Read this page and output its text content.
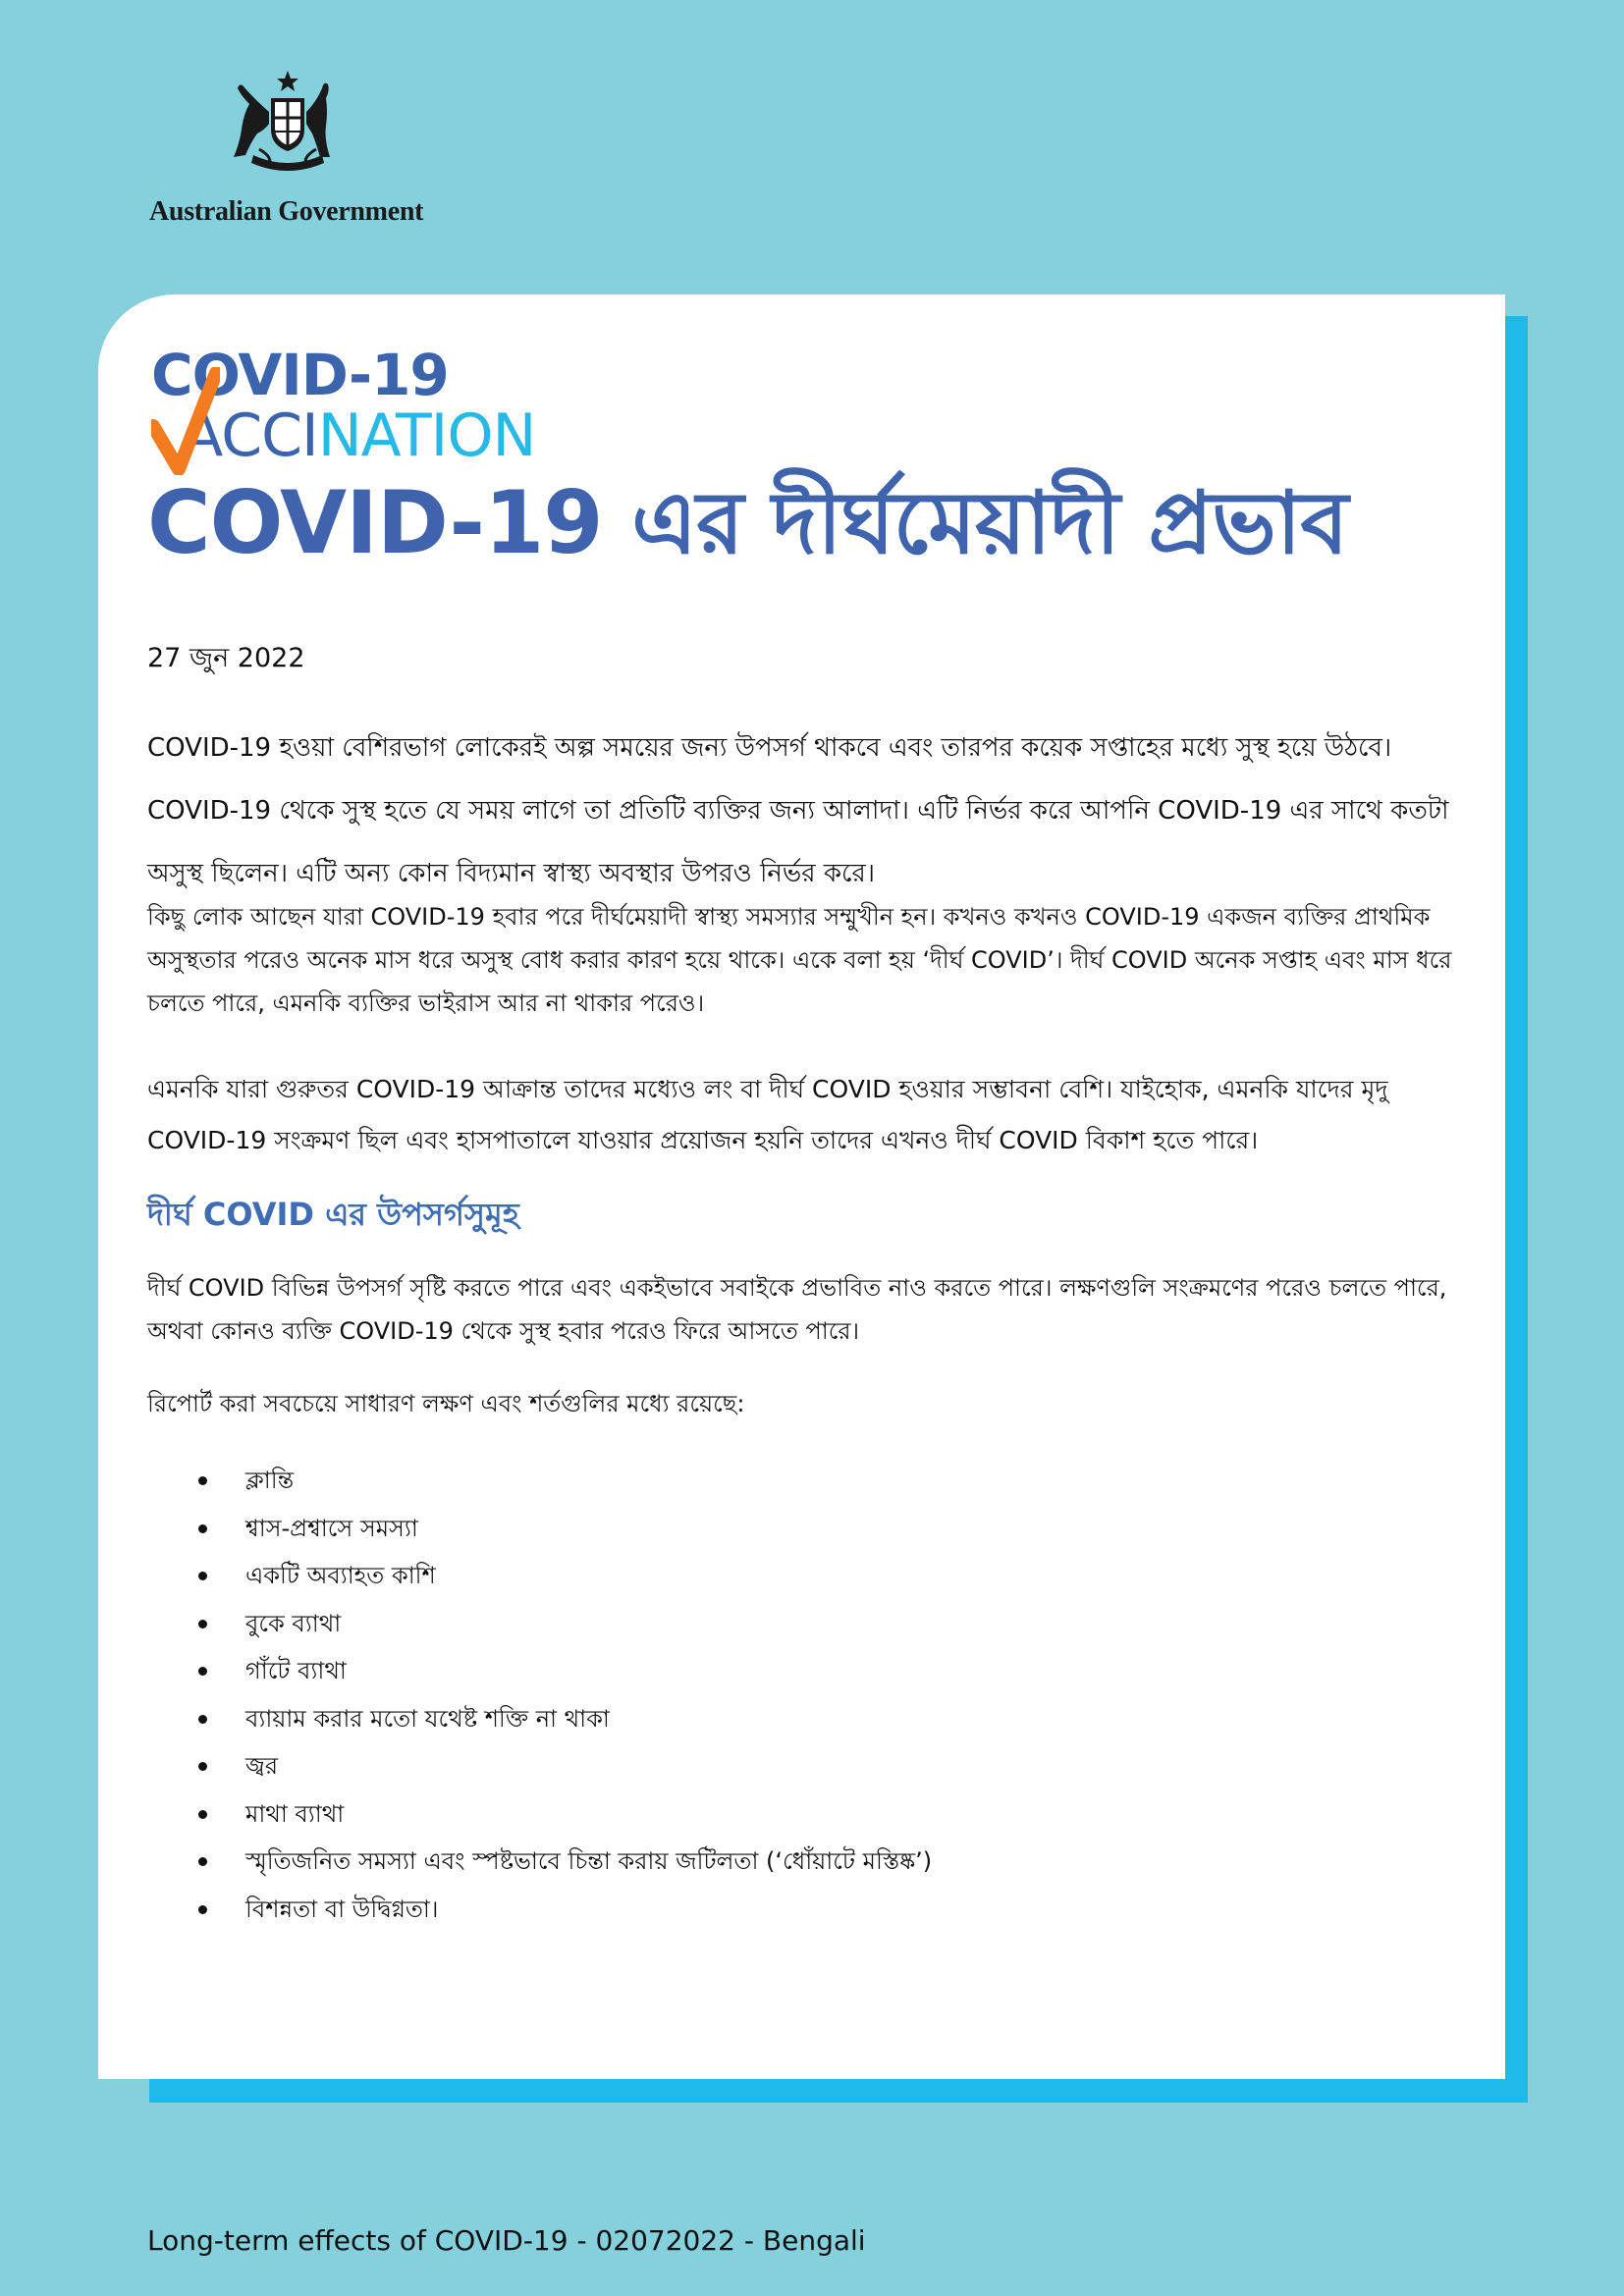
Australian Government
COVID-19
ACCINATION
COVID-19 এর দীর্ঘমেয়াদী প্রভাব
27 জুন 2022
COVID-19 হওয়া বেশিরভাগ লোকেরই অল্প সময়ের জন্য উপসর্গ থাকবে এবং তারপর কয়েক সপ্তাহের মধ্যে সুস্থ হয়ে উঠবে। COVID-19 থেকে সুস্থ হতে যে সময় লাগে তা প্রতিটি ব্যক্তির জন্য আলাদা। এটি নির্ভর করে আপনি COVID-19 এর সাথে কতটা অসুস্থ ছিলেন। এটি অন্য কোন বিদ্যমান স্বাস্থ্য অবস্থার উপরও নির্ভর করে।
কিছু লোক আছেন যারা COVID-19 হবার পরে দীর্ঘমেয়াদী স্বাস্থ্য সমস্যার সম্মুখীন হন। কখনও কখনও COVID-19 একজন ব্যক্তির প্রাথমিক অসুস্থতার পরেও অনেক মাস ধরে অসুস্থ বোধ করার কারণ হয়ে থাকে। একে বলা হয় ‘দীর্ঘ COVID’। দীর্ঘ COVID অনেক সপ্তাহ এবং মাস ধরে চলতে পারে, এমনকি ব্যক্তির ভাইরাস আর না থাকার পরেও।
এমনকি যারা গুরুতর COVID-19 আক্রান্ত তাদের মধ্যেও লং বা দীর্ঘ COVID হওয়ার সম্ভাবনা বেশি। যাইহোক, এমনকি যাদের মৃদু COVID-19 সংক্রমণ ছিল এবং হাসপাতালে যাওয়ার প্রয়োজন হয়নি তাদের এখনও দীর্ঘ COVID বিকাশ হতে পারে।
দীর্ঘ COVID এর উপসর্গসুমূহ
দীর্ঘ COVID বিভিন্ন উপসর্গ সৃষ্টি করতে পারে এবং একইভাবে সবাইকে প্রভাবিত নাও করতে পারে। লক্ষণগুলি সংক্রমণের পরেও চলতে পারে, অথবা কোনও ব্যক্তি COVID-19 থেকে সুস্থ হবার পরেও ফিরে আসতে পারে।
রিপোর্ট করা সবচেয়ে সাধারণ লক্ষণ এবং শর্তগুলির মধ্যে রয়েছে:
ক্লান্তি
শ্বাস-প্রশ্বাসে সমস্যা
একটি অব্যাহত কাশি
বুকে ব্যাথা
গাঁটে ব্যাথা
ব্যায়াম করার মতো যথেষ্ট শক্তি না থাকা
জ্বর
মাথা ব্যাথা
স্মৃতিজনিত সমস্যা এবং স্পষ্টভাবে চিন্তা করায় জটিলতা (‘ধোঁয়াটে মস্তিষ্ক’)
বিশন্নতা বা উদ্বিগ্নতা।
Long-term effects of COVID-19 - 02072022 - Bengali
